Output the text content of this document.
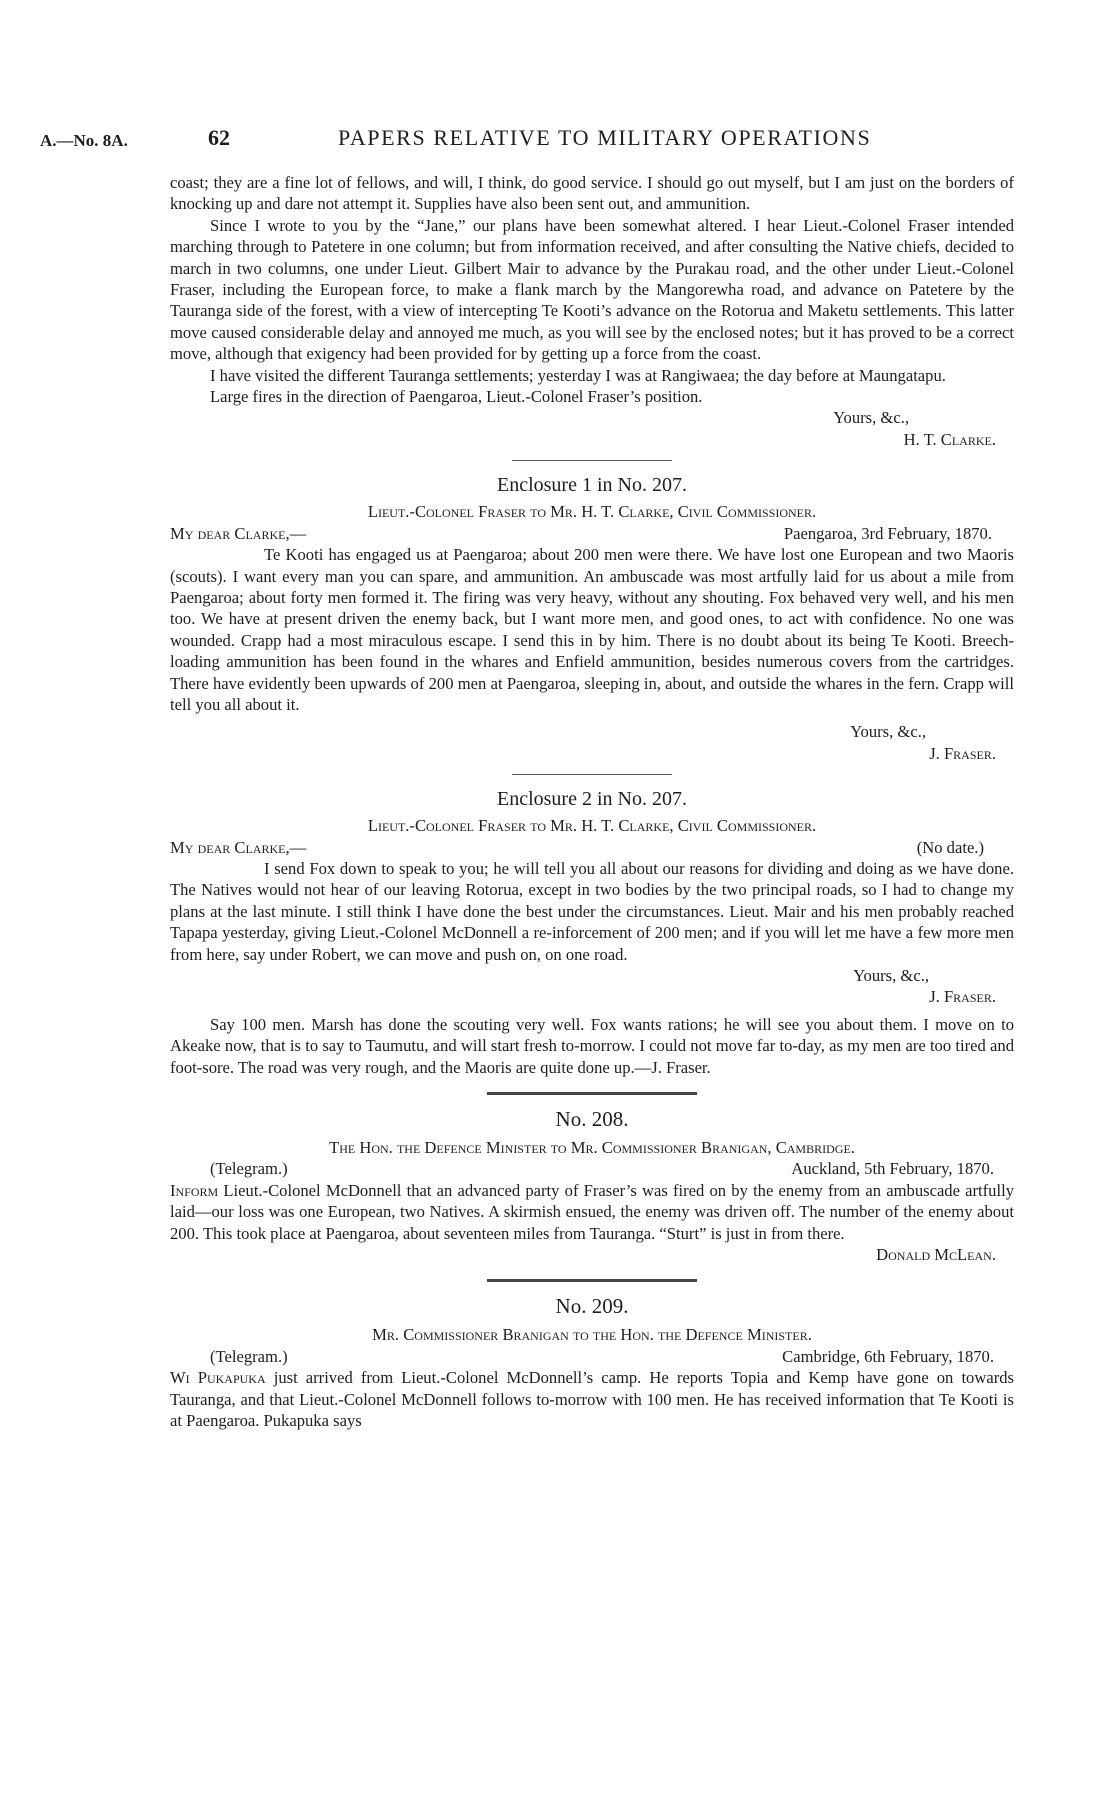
A.—No. 8A.	62	PAPERS RELATIVE TO MILITARY OPERATIONS

coast; they are a fine lot of fellows, and will, I think, do good service. I should go out myself, but I am just on the borders of knocking up and dare not attempt it. Supplies have also been sent out, and ammunition.

Since I wrote to you by the “Jane,” our plans have been somewhat altered. I hear Lieut.-Colonel Fraser intended marching through to Patetere in one column; but from information received, and after consulting the Native chiefs, decided to march in two columns, one under Lieut. Gilbert Mair to advance by the Purakau road, and the other under Lieut.-Colonel Fraser, including the European force, to make a flank march by the Mangorewha road, and advance on Patetere by the Tauranga side of the forest, with a view of intercepting Te Kooti’s advance on the Rotorua and Maketu settlements. This latter move caused considerable delay and annoyed me much, as you will see by the enclosed notes; but it has proved to be a correct move, although that exigency had been provided for by getting up a force from the coast.

I have visited the different Tauranga settlements; yesterday I was at Rangiwaea; the day before at Maungatapu.

Large fires in the direction of Paengaroa, Lieut.-Colonel Fraser’s position.

Yours, &c.,

H. T. Clarke.

Enclosure 1 in No. 207.
Lieut.-Colonel Fraser to Mr. H. T. Clarke, Civil Commissioner.
My dear Clarke,—	Paengaroa, 3rd February, 1870.

Te Kooti has engaged us at Paengaroa; about 200 men were there. We have lost one European and two Maoris (scouts). I want every man you can spare, and ammunition. An ambuscade was most artfully laid for us about a mile from Paengaroa; about forty men formed it. The firing was very heavy, without any shouting. Fox behaved very well, and his men too. We have at present driven the enemy back, but I want more men, and good ones, to act with confidence. No one was wounded. Crapp had a most miraculous escape. I send this in by him. There is no doubt about its being Te Kooti. Breech-loading ammunition has been found in the whares and Enfield ammunition, besides numerous covers from the cartridges. There have evidently been upwards of 200 men at Paengaroa, sleeping in, about, and outside the whares in the fern. Crapp will tell you all about it.

Yours, &c.,

J. Fraser.

Enclosure 2 in No. 207.
Lieut.-Colonel Fraser to Mr. H. T. Clarke, Civil Commissioner.
My dear Clarke,—	(No date.)

I send Fox down to speak to you; he will tell you all about our reasons for dividing and doing as we have done. The Natives would not hear of our leaving Rotorua, except in two bodies by the two principal roads, so I had to change my plans at the last minute. I still think I have done the best under the circumstances. Lieut. Mair and his men probably reached Tapapa yesterday, giving Lieut.-Colonel McDonnell a re-inforcement of 200 men; and if you will let me have a few more men from here, say under Robert, we can move and push on, on one road.

Yours, &c.,

J. Fraser.

Say 100 men. Marsh has done the scouting very well. Fox wants rations; he will see you about them. I move on to Akeake now, that is to say to Taumutu, and will start fresh to-morrow. I could not move far to-day, as my men are too tired and foot-sore. The road was very rough, and the Maoris are quite done up.—J. Fraser.

No. 208.
The Hon. the Defence Minister to Mr. Commissioner Branigan, Cambridge.
(Telegram.)	Auckland, 5th February, 1870.

Inform Lieut.-Colonel McDonnell that an advanced party of Fraser’s was fired on by the enemy from an ambuscade artfully laid—our loss was one European, two Natives. A skirmish ensued, the enemy was driven off. The number of the enemy about 200. This took place at Paengaroa, about seventeen miles from Tauranga. “Sturt” is just in from there.

Donald McLean.

No. 209.
Mr. Commissioner Branigan to the Hon. the Defence Minister.
(Telegram.)	Cambridge, 6th February, 1870.

Wi Pukapuka just arrived from Lieut.-Colonel McDonnell’s camp. He reports Topia and Kemp have gone on towards Tauranga, and that Lieut.-Colonel McDonnell follows to-morrow with 100 men. He has received information that Te Kooti is at Paengaroa. Pukapuka says
